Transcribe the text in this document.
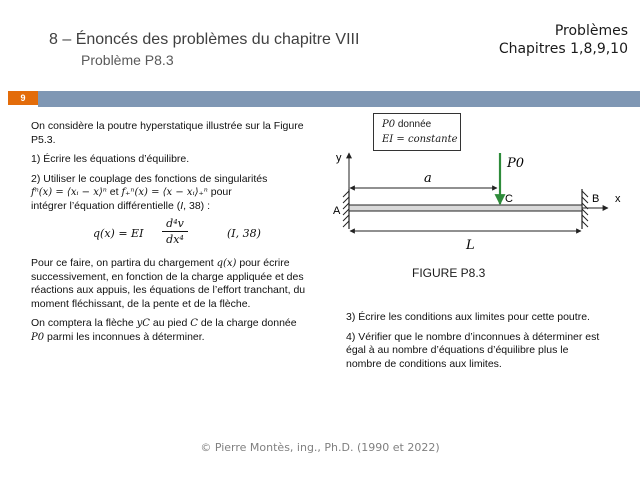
8 – Énoncés des problèmes du chapitre VIII
Problème P8.3
Problèmes
Chapitres 1,8,9,10
9

On considère la poutre hyperstatique illustrée sur la Figure P5.3.

1) Écrire les équations d’équilibre.

2) Utiliser le couplage des fonctions de singularités
fⁿ(x) = ⟨xᵢ − x⟩ⁿ et f₊ⁿ(x) = ⟨x − xᵢ⟩₊ⁿ pour
intégrer l’équation différentielle (I, 38) :

q(x) = EI $\frac{\text{d⁴v}}{\text{dx⁴}}$	(I, 38)

Pour ce faire, on partira du chargement q(x) pour écrire successivement, en fonction de la charge appliquée et des réactions aux appuis, les équations de l’effort tranchant, du moment fléchissant, de la pente et de la flèche.

On comptera la flèche yC au pied C de la charge donnée P0 parmi les inconnues à déterminer.

P0 donnée
EI = constante
y
x
a
P0
C
A
B
L
FIGURE P8.3

3) Écrire les conditions aux limites pour cette poutre.

4) Vérifier que le nombre d’inconnues à déterminer est égal à au nombre d’équations d’équilibre plus le nombre de conditions aux limites.

© Pierre Montès, ing., Ph.D. (1990 et 2022)
